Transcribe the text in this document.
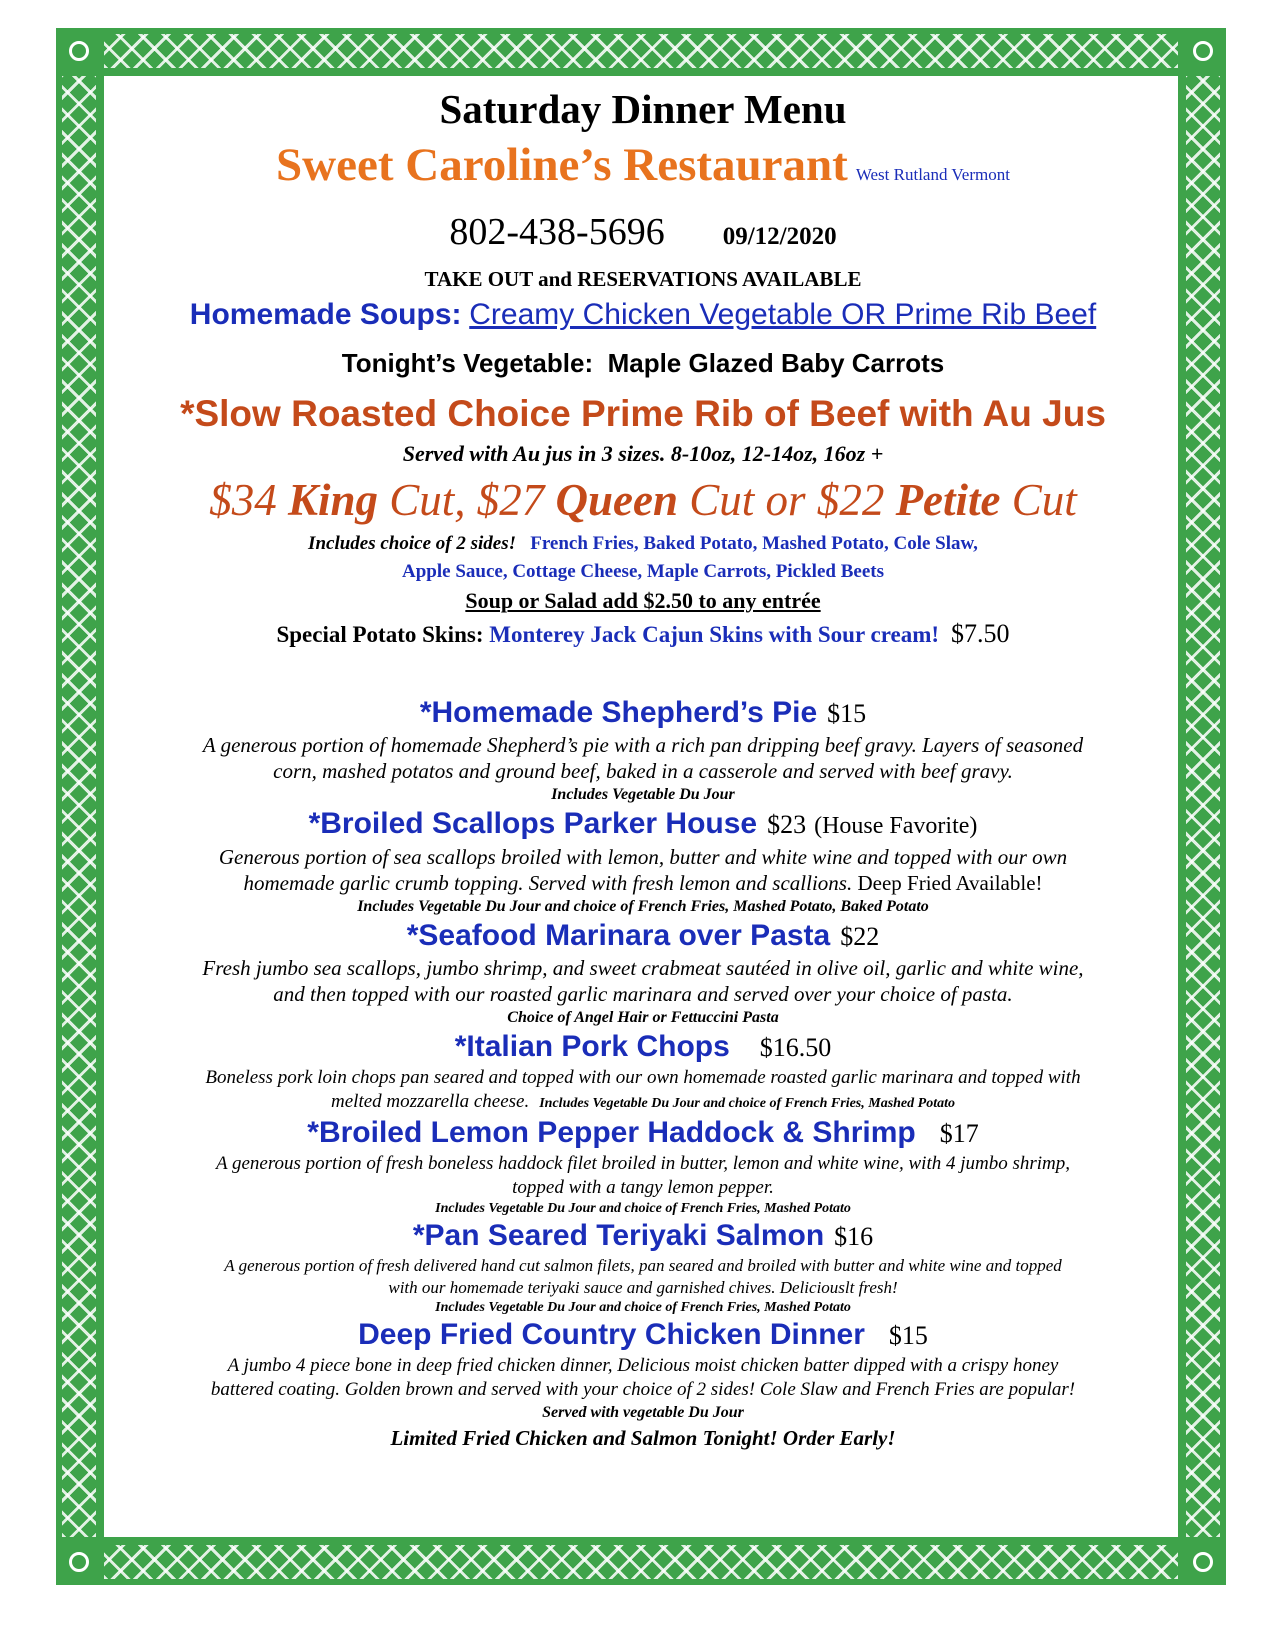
Saturday Dinner Menu

Sweet Caroline’s Restaurant West Rutland Vermont

802-438-5696 09/12/2020

TAKE OUT and RESERVATIONS AVAILABLE

Homemade Soups: Creamy Chicken Vegetable OR Prime Rib Beef

Tonight’s Vegetable: Maple Glazed Baby Carrots

*Slow Roasted Choice Prime Rib of Beef with Au Jus

Served with Au jus in 3 sizes. 8-10oz, 12-14oz, 16oz +

$34 King Cut, $27 Queen Cut or $22 Petite Cut

Includes choice of 2 sides! French Fries, Baked Potato, Mashed Potato, Cole Slaw,

Apple Sauce, Cottage Cheese, Maple Carrots, Pickled Beets

Soup or Salad add $2.50 to any entrée

Special Potato Skins: Monterey Jack Cajun Skins with Sour cream! $7.50

*Homemade Shepherd’s Pie $15

A generous portion of homemade Shepherd’s pie with a rich pan dripping beef gravy. Layers of seasoned

corn, mashed potatos and ground beef, baked in a casserole and served with beef gravy.

Includes Vegetable Du Jour

*Broiled Scallops Parker House $23 (House Favorite)

Generous portion of sea scallops broiled with lemon, butter and white wine and topped with our own

homemade garlic crumb topping. Served with fresh lemon and scallions. Deep Fried Available!

Includes Vegetable Du Jour and choice of French Fries, Mashed Potato, Baked Potato

*Seafood Marinara over Pasta $22

Fresh jumbo sea scallops, jumbo shrimp, and sweet crabmeat sautéed in olive oil, garlic and white wine,

and then topped with our roasted garlic marinara and served over your choice of pasta.

Choice of Angel Hair or Fettuccini Pasta

*Italian Pork Chops $16.50

Boneless pork loin chops pan seared and topped with our own homemade roasted garlic marinara and topped with

melted mozzarella cheese. Includes Vegetable Du Jour and choice of French Fries, Mashed Potato

*Broiled Lemon Pepper Haddock & Shrimp $17

A generous portion of fresh boneless haddock filet broiled in butter, lemon and white wine, with 4 jumbo shrimp,

topped with a tangy lemon pepper.

Includes Vegetable Du Jour and choice of French Fries, Mashed Potato

*Pan Seared Teriyaki Salmon $16

A generous portion of fresh delivered hand cut salmon filets, pan seared and broiled with butter and white wine and topped

with our homemade teriyaki sauce and garnished chives. Deliciouslt fresh!

Includes Vegetable Du Jour and choice of French Fries, Mashed Potato

Deep Fried Country Chicken Dinner $15

A jumbo 4 piece bone in deep fried chicken dinner, Delicious moist chicken batter dipped with a crispy honey

battered coating. Golden brown and served with your choice of 2 sides! Cole Slaw and French Fries are popular!

Served with vegetable Du Jour

Limited Fried Chicken and Salmon Tonight! Order Early!
